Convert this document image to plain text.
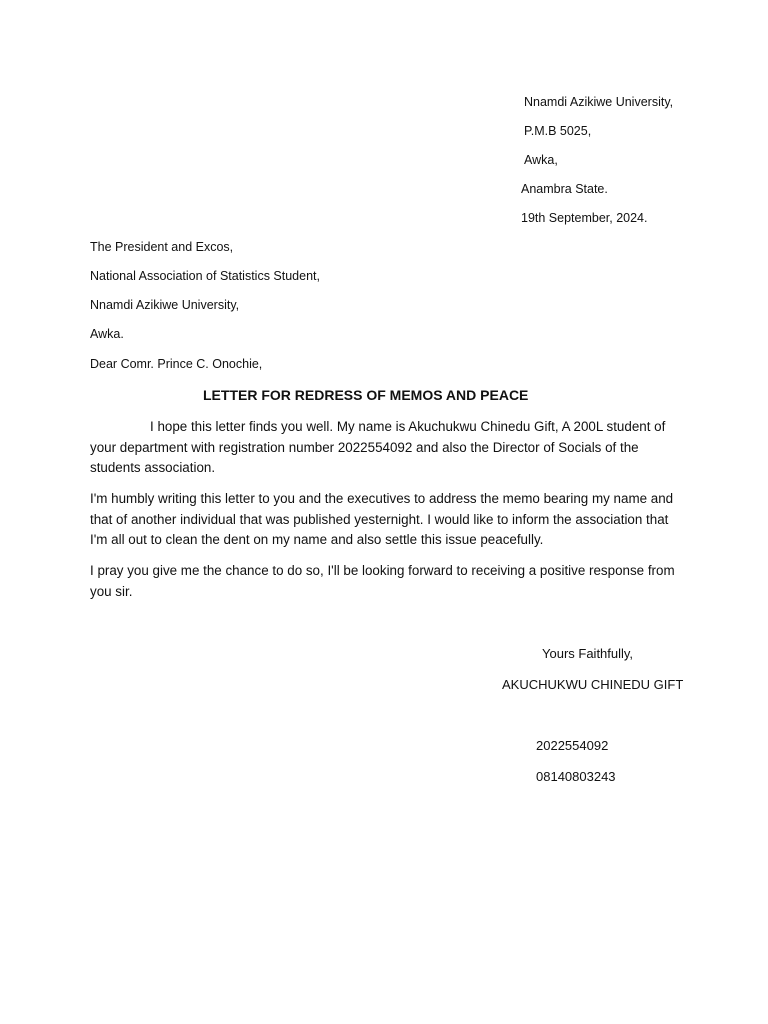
Nnamdi Azikiwe University,
P.M.B 5025,
Awka,
Anambra State.
19th September, 2024.
The President and Excos,
National Association of Statistics Student,
Nnamdi Azikiwe University,
Awka.
Dear Comr. Prince C. Onochie,
LETTER FOR REDRESS OF MEMOS AND PEACE
I hope this letter finds you well. My name is Akuchukwu Chinedu Gift, A 200L student of your department with registration number 2022554092 and also the Director of Socials of the students association.
I'm humbly writing this letter to you and the executives to address the memo bearing my name and that of another individual that was published yesternight. I would like to inform the association that I'm all out to clean the dent on my name and also settle this issue peacefully.
I pray you give me the chance to do so, I'll be looking forward to receiving a positive response from you sir.
Yours Faithfully,
AKUCHUKWU CHINEDU GIFT
2022554092
08140803243
